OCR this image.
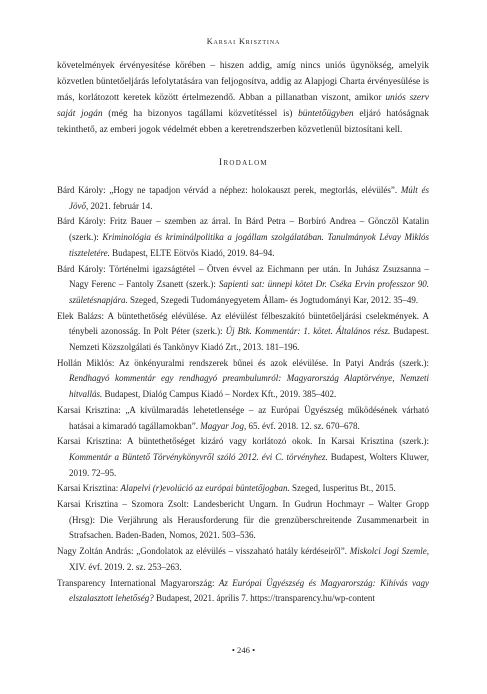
Karsai Krisztina

követelmények érvényesítése körében – hiszen addig, amíg nincs uniós ügynökség, amelyik közvetlen büntetőeljárás lefolytatására van feljogosítva, addig az Alapjogi Charta érvényesülése is más, korlátozott keretek között értelmezendő. Abban a pillanatban viszont, amikor uniós szerv saját jogán (még ha bizonyos tagállami közvetítéssel is) büntetőügyben eljáró hatóságnak tekinthető, az emberi jogok védelmét ebben a keretrendszerben közvetlenül biztosítani kell.

Irodalom

Bárd Károly: „Hogy ne tapadjon vérvád a néphez: holokauszt perek, megtorlás, elévülés”. Múlt és Jövő, 2021. február 14.

Bárd Károly: Fritz Bauer – szemben az árral. In Bárd Petra – Borbíró Andrea – Gönczöl Katalin (szerk.): Kriminológia és kriminálpolitika a jogállam szolgálatában. Tanulmányok Lévay Miklós tiszteletére. Budapest, ELTE Eötvös Kiadó, 2019. 84–94.

Bárd Károly: Történelmi igazságtétel – Ötven évvel az Eichmann per után. In Juhász Zsuzsanna – Nagy Ferenc – Fantoly Zsanett (szerk.): Sapienti sat: ünnepi kötet Dr. Cséka Ervin professzor 90. születésnapjára. Szeged, Szegedi Tudományegyetem Állam- és Jogtudományi Kar, 2012. 35–49.

Elek Balázs: A büntethetőség elévülése. Az elévülést félbeszakító büntetőeljárási cselekmények. A ténybeli azonosság. In Polt Péter (szerk.): Új Btk. Kommentár: 1. kötet. Általános rész. Budapest. Nemzeti Közszolgálati és Tankönyv Kiadó Zrt., 2013. 181–196.

Hollán Miklós: Az önkényuralmi rendszerek bűnei és azok elévülése. In Patyi András (szerk.): Rendhagyó kommentár egy rendhagyó preambulumról: Magyarország Alaptörvénye, Nemzeti hitvallás. Budapest, Dialóg Campus Kiadó – Nordex Kft., 2019. 385–402.

Karsai Krisztina: „A kívülmaradás lehetetlensége – az Európai Ügyészség működésének várható hatásai a kimaradó tagállamokban”. Magyar Jog, 65. évf. 2018. 12. sz. 670–678.

Karsai Krisztina: A büntethetőséget kizáró vagy korlátozó okok. In Karsai Krisztina (szerk.): Kommentár a Büntető Törvénykönyvről szóló 2012. évi C. törvényhez. Budapest, Wolters Kluwer, 2019. 72–95.

Karsai Krisztina: Alapelvi (r)evolúció az európai büntetőjogban. Szeged, Iusperitus Bt., 2015.

Karsai Krisztina – Szomora Zsolt: Landesbericht Ungarn. In Gudrun Hochmayr – Walter Gropp (Hrsg): Die Verjährung als Herausforderung für die grenzüberschreitende Zusammenarbeit in Strafsachen. Baden-Baden, Nomos, 2021. 503–536.

Nagy Zoltán András: „Gondolatok az elévülés – visszaható hatály kérdéseiről”. Miskolci Jogi Szemle, XIV. évf. 2019. 2. sz. 253–263.

Transparency International Magyarország: Az Európai Ügyészség és Magyarország: Kihívás vagy elszalasztott lehetőség? Budapest, 2021. április 7. https://transparency.hu/wp-content

• 246 •
